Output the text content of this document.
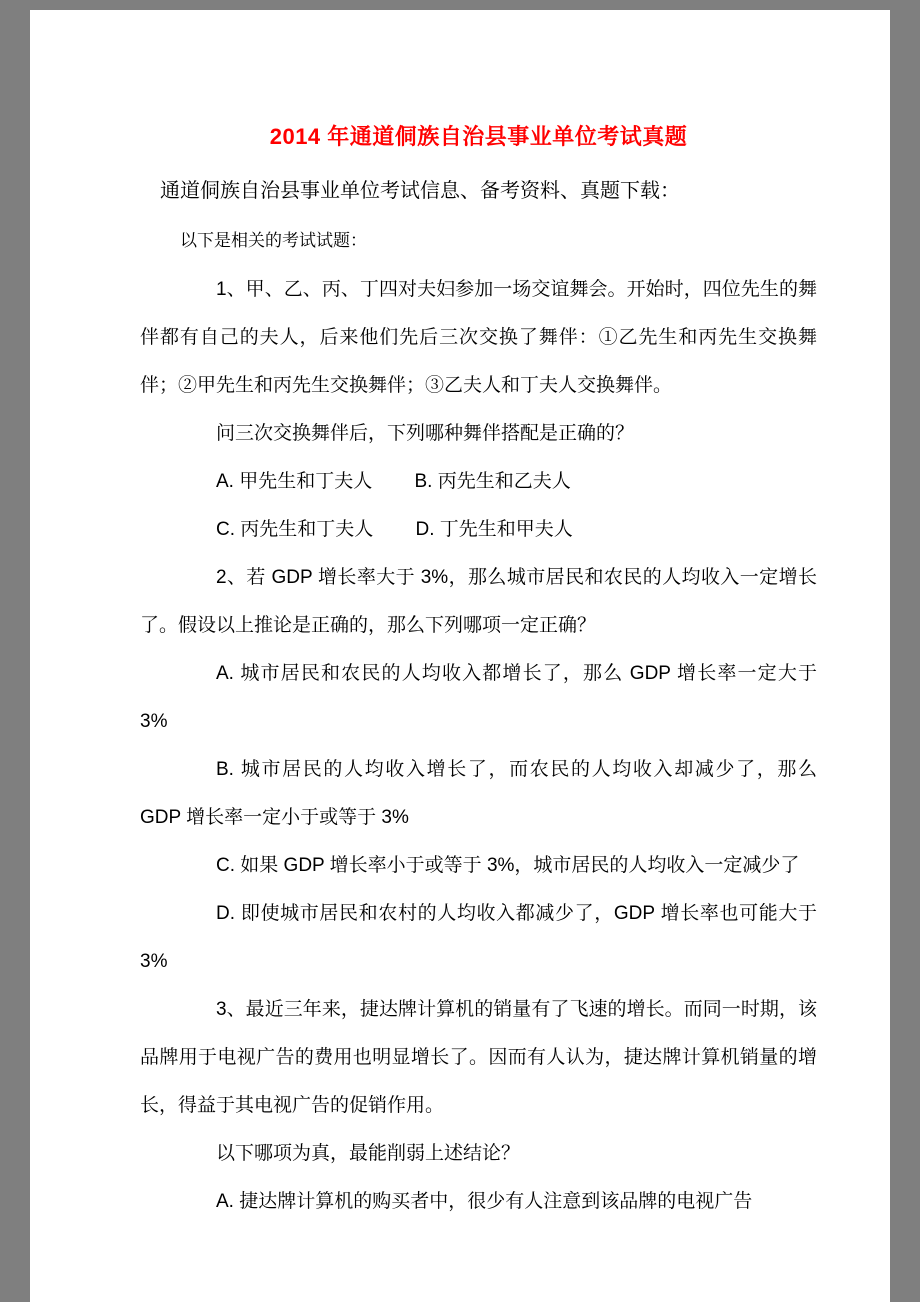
2014 年通道侗族自治县事业单位考试真题
通道侗族自治县事业单位考试信息、备考资料、真题下载：
以下是相关的考试试题：
1、甲、乙、丙、丁四对夫妇参加一场交谊舞会。开始时，四位先生的舞伴都有自己的夫人，后来他们先后三次交换了舞伴：①乙先生和丙先生交换舞伴；②甲先生和丙先生交换舞伴；③乙夫人和丁夫人交换舞伴。
问三次交换舞伴后，下列哪种舞伴搭配是正确的？
A. 甲先生和丁夫人        B. 丙先生和乙夫人
C. 丙先生和丁夫人        D. 丁先生和甲夫人
2、若 GDP 增长率大于 3%，那么城市居民和农民的人均收入一定增长了。假设以上推论是正确的，那么下列哪项一定正确？
A. 城市居民和农民的人均收入都增长了，那么 GDP 增长率一定大于 3%
B. 城市居民的人均收入增长了，而农民的人均收入却减少了，那么 GDP 增长率一定小于或等于 3%
C. 如果 GDP 增长率小于或等于 3%，城市居民的人均收入一定减少了
D. 即使城市居民和农村的人均收入都减少了，GDP 增长率也可能大于 3%
3、最近三年来，捷达牌计算机的销量有了飞速的增长。而同一时期，该品牌用于电视广告的费用也明显增长了。因而有人认为，捷达牌计算机销量的增长，得益于其电视广告的促销作用。
以下哪项为真，最能削弱上述结论？
A. 捷达牌计算机的购买者中，很少有人注意到该品牌的电视广告
